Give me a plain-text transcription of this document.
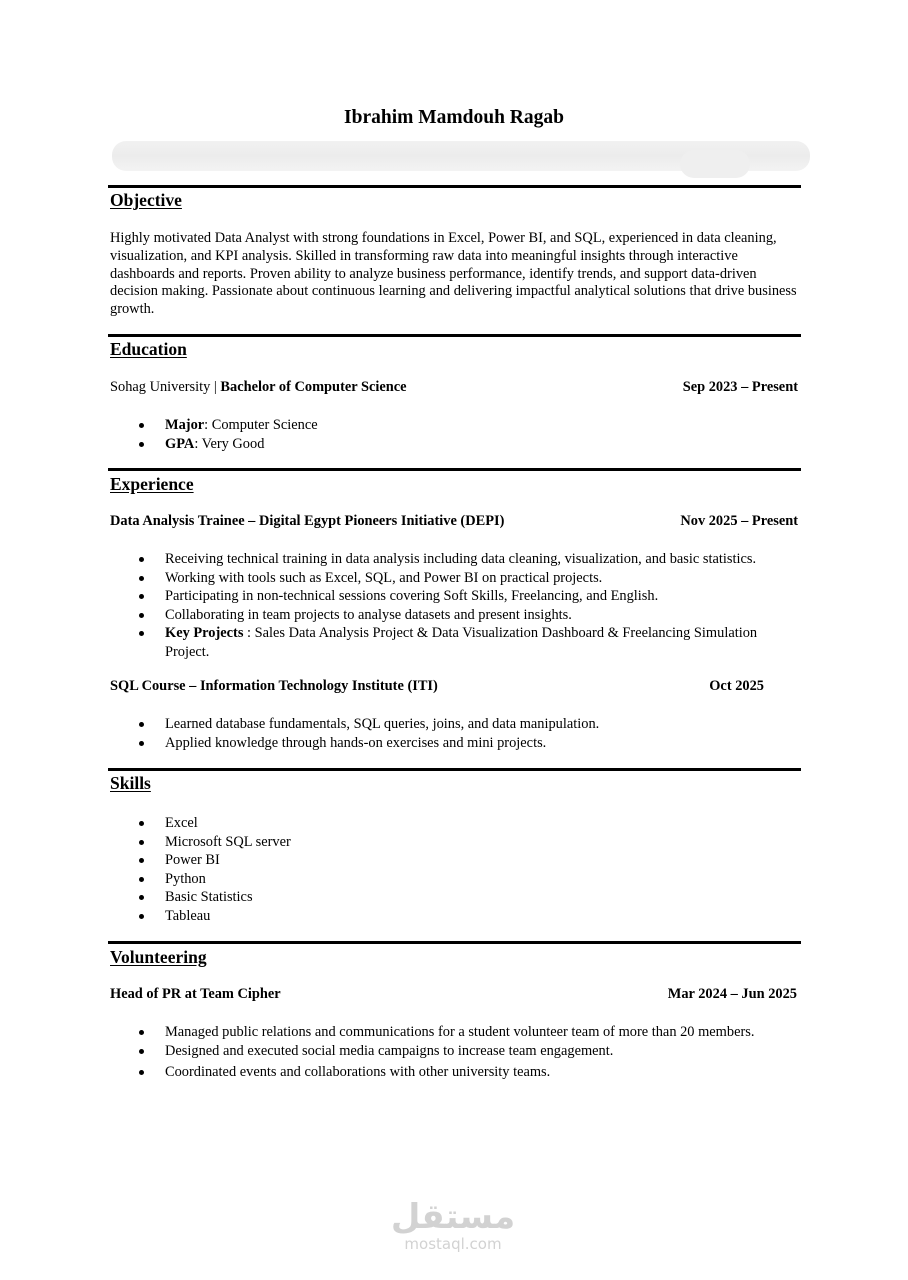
Ibrahim Mamdouh Ragab
Objective
Highly motivated Data Analyst with strong foundations in Excel, Power BI, and SQL, experienced in data cleaning, visualization, and KPI analysis. Skilled in transforming raw data into meaningful insights through interactive dashboards and reports. Proven ability to analyze business performance, identify trends, and support data-driven decision making. Passionate about continuous learning and delivering impactful analytical solutions that drive business growth.
Education
Sohag University | Bachelor of Computer Science	Sep 2023 – Present
Major: Computer Science
GPA: Very Good
Experience
Data Analysis Trainee – Digital Egypt Pioneers Initiative (DEPI)	Nov 2025 – Present
Receiving technical training in data analysis including data cleaning, visualization, and basic statistics.
Working with tools such as Excel, SQL, and Power BI on practical projects.
Participating in non-technical sessions covering Soft Skills, Freelancing, and English.
Collaborating in team projects to analyse datasets and present insights.
Key Projects : Sales Data Analysis Project & Data Visualization Dashboard & Freelancing Simulation Project.
SQL Course – Information Technology Institute (ITI)	Oct 2025
Learned database fundamentals, SQL queries, joins, and data manipulation.
Applied knowledge through hands-on exercises and mini projects.
Skills
Excel
Microsoft SQL server
Power BI
Python
Basic Statistics
Tableau
Volunteering
Head of PR at Team Cipher	Mar 2024 – Jun 2025
Managed public relations and communications for a student volunteer team of more than 20 members.
Designed and executed social media campaigns to increase team engagement.
Coordinated events and collaborations with other university teams.
مستقل
mostaql.com
